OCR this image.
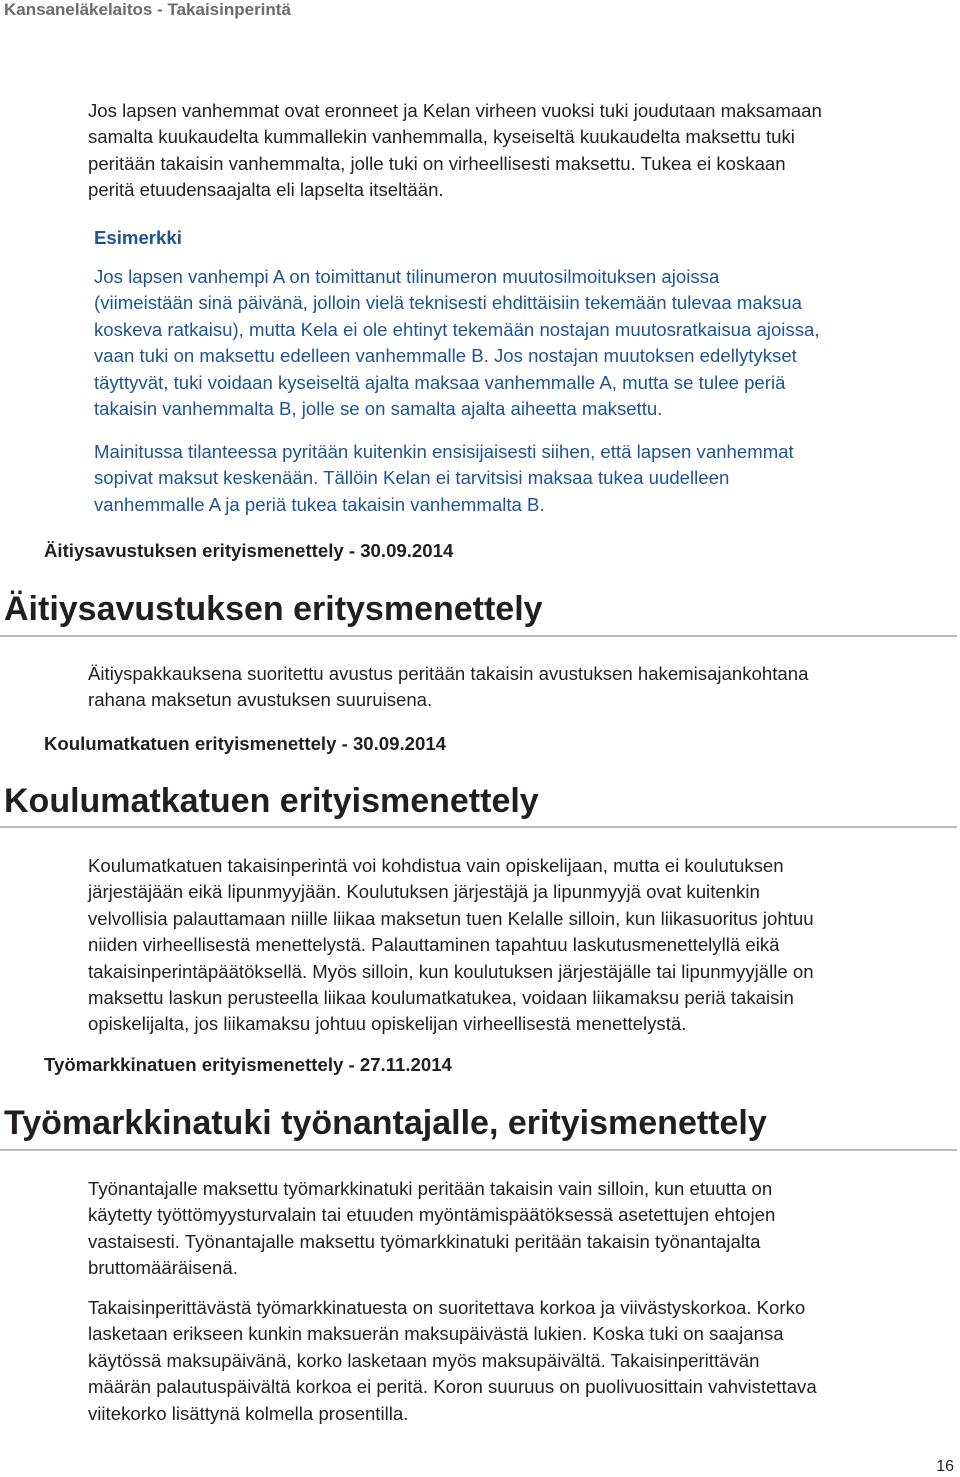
Kansaneläkelaitos - Takaisinperintä
Jos lapsen vanhemmat ovat eronneet ja Kelan virheen vuoksi tuki joudutaan maksamaan
samalta kuukaudelta kummallekin vanhemmalla, kyseiseltä kuukaudelta maksettu tuki
peritään takaisin vanhemmalta, jolle tuki on virheellisesti maksettu. Tukea ei koskaan
peritä etuudensaajalta eli lapselta itseltään.
Esimerkki
Jos lapsen vanhempi A on toimittanut tilinumeron muutosilmoituksen ajoissa
(viimeistään sinä päivänä, jolloin vielä teknisesti ehdittäisiin tekemään tulevaa maksua
koskeva ratkaisu), mutta Kela ei ole ehtinyt tekemään nostajan muutosratkaisua ajoissa,
vaan tuki on maksettu edelleen vanhemmalle B. Jos nostajan muutoksen edellytykset
täyttyvät, tuki voidaan kyseiseltä ajalta maksaa vanhemmalle A, mutta se tulee periä
takaisin vanhemmalta B, jolle se on samalta ajalta aiheetta maksettu.
Mainitussa tilanteessa pyritään kuitenkin ensisijaisesti siihen, että lapsen vanhemmat
sopivat maksut keskenään. Tällöin Kelan ei tarvitsisi maksaa tukea uudelleen
vanhemmalle A ja periä tukea takaisin vanhemmalta B.
Äitiysavustuksen erityismenettely - 30.09.2014
Äitiysavustuksen eritysmenettely
Äitiyspakkauksena suoritettu avustus peritään takaisin avustuksen hakemisajankohtana
rahana maksetun avustuksen suuruisena.
Koulumatkatuen erityismenettely - 30.09.2014
Koulumatkatuen erityismenettely
Koulumatkatuen takaisinperintä voi kohdistua vain opiskelijaan, mutta ei koulutuksen
järjestäjään eikä lipunmyyjään. Koulutuksen järjestäjä ja lipunmyyjä ovat kuitenkin
velvollisia palauttamaan niille liikaa maksetun tuen Kelalle silloin, kun liikasuoritus johtuu
niiden virheellisestä menettelystä. Palauttaminen tapahtuu laskutusmenettelyllä eikä
takaisinperintäpäätöksellä. Myös silloin, kun koulutuksen järjestäjälle tai lipunmyyjälle on
maksettu laskun perusteella liikaa koulumatkatukea, voidaan liikamaksu periä takaisin
opiskelijalta, jos liikamaksu johtuu opiskelijan virheellisestä menettelystä.
Työmarkkinatuen erityismenettely - 27.11.2014
Työmarkkinatuki työnantajalle, erityismenettely
Työnantajalle maksettu työmarkkinatuki peritään takaisin vain silloin, kun etuutta on
käytetty työttömyysturvalain tai etuuden myöntämispäätöksessä asetettujen ehtojen
vastaisesti. Työnantajalle maksettu työmarkkinatuki peritään takaisin työnantajalta
bruttomääräisenä.
Takaisinperittävästä työmarkkinatuesta on suoritettava korkoa ja viivästyskorkoa. Korko
lasketaan erikseen kunkin maksuerän maksupäivästä lukien. Koska tuki on saajansa
käytössä maksupäivänä, korko lasketaan myös maksupäivältä. Takaisinperittävän
määrän palautuspäivältä korkoa ei peritä. Koron suuruus on puolivuosittain vahvistettava
viitekorko lisättynä kolmella prosentilla.
16
